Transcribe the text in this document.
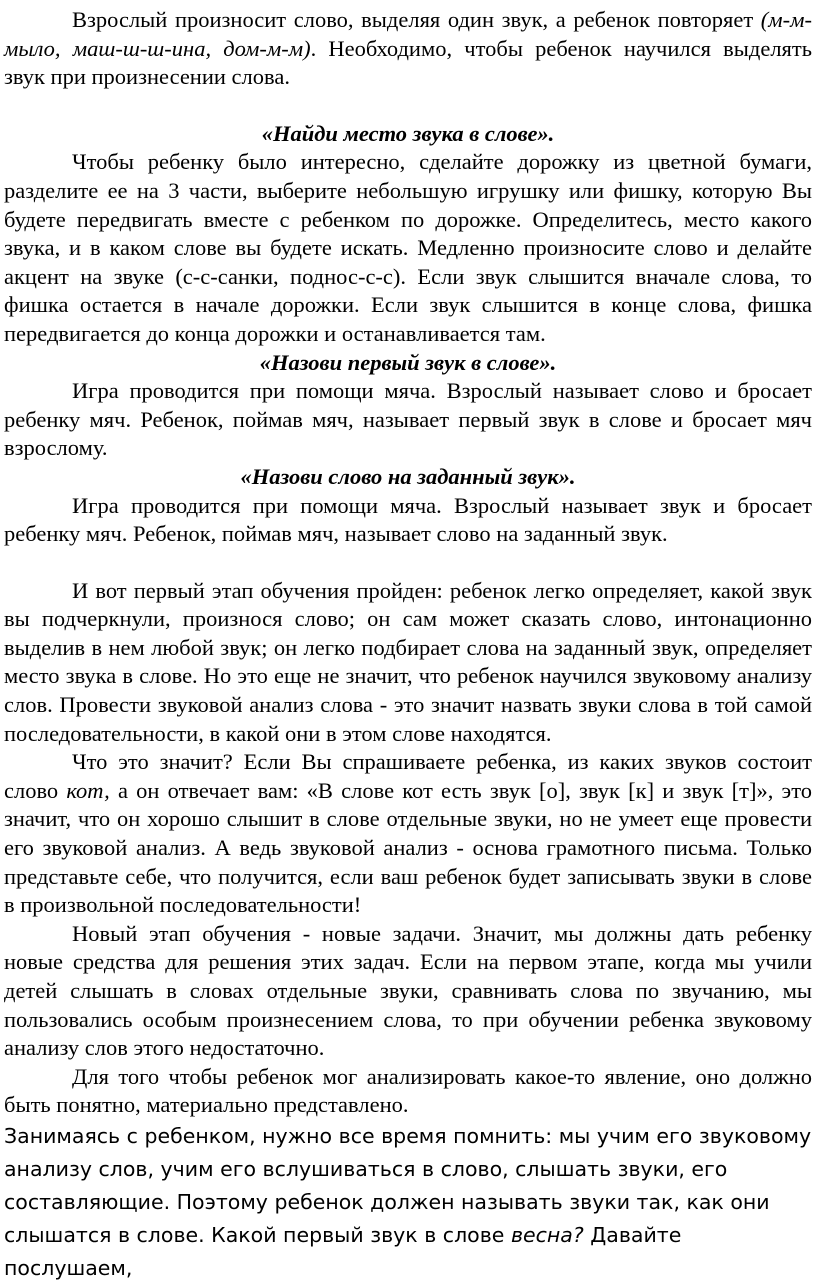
Взрослый произносит слово, выделяя один звук, а ребенок повторяет (м-м-мыло, маш-ш-ш-ина, дом-м-м). Необходимо, чтобы ребенок научился выделять звук при произнесении слова.

«Найди место звука в слове».

Чтобы ребенку было интересно, сделайте дорожку из цветной бумаги, разделите ее на 3 части, выберите небольшую игрушку или фишку, которую Вы будете передвигать вместе с ребенком по дорожке. Определитесь, место какого звука, и в каком слове вы будете искать. Медленно произносите слово и делайте акцент на звуке (с-с-санки, поднос-с-с). Если звук слышится вначале слова, то фишка остается в начале дорожки. Если звук слышится в конце слова, фишка передвигается до конца дорожки и останавливается там.

«Назови первый звук в слове».

Игра проводится при помощи мяча. Взрослый называет слово и бросает ребенку мяч. Ребенок, поймав мяч, называет первый звук в слове и бросает мяч взрослому.

«Назови слово на заданный звук».

Игра проводится при помощи мяча. Взрослый называет звук и бросает ребенку мяч. Ребенок, поймав мяч, называет слово на заданный звук.

И вот первый этап обучения пройден: ребенок легко определяет, какой звук вы подчеркнули, произнося слово; он сам может сказать слово, интонационно выделив в нем любой звук; он легко подбирает слова на заданный звук, определяет место звука в слове. Но это еще не значит, что ребенок научился звуковому анализу слов. Провести звуковой анализ слова - это значит назвать звуки слова в той самой последовательности, в какой они в этом слове находятся.

Что это значит? Если Вы спрашиваете ребенка, из каких звуков состоит слово кот, а он отвечает вам: «В слове кот есть звук [о], звук [к] и звук [т]», это значит, что он хорошо слышит в слове отдельные звуки, но не умеет еще провести его звуковой анализ. А ведь звуковой анализ - основа грамотного письма. Только представьте себе, что получится, если ваш ребенок будет записывать звуки в слове в произвольной последовательности!

Новый этап обучения - новые задачи. Значит, мы должны дать ребенку новые средства для решения этих задач. Если на первом этапе, когда мы учили детей слышать в словах отдельные звуки, сравнивать слова по звучанию, мы пользовались особым произнесением слова, то при обучении ребенка звуковому анализу слов этого недостаточно.

Для того чтобы ребенок мог анализировать какое-то явление, оно должно быть понятно, материально представлено.

Занимаясь с ребенком, нужно все время помнить: мы учим его звуковому анализу слов, учим его вслушиваться в слово, слышать звуки, его составляющие. Поэтому ребенок должен называть звуки так, как они слышатся в слове. Какой первый звук в слове весна? Давайте послушаем,
